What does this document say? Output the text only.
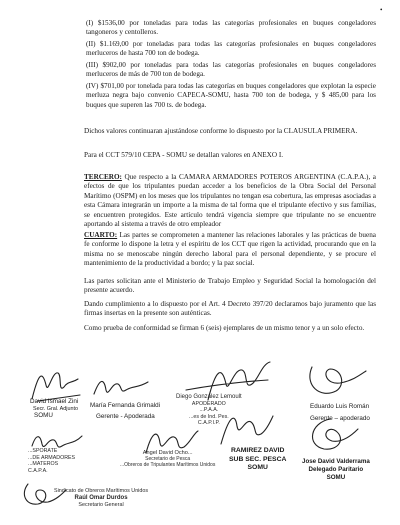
•

(I) $1536,00 por toneladas para todas las categorías profesionales en buques congeladores tangoneros y centolleros.

(II) $1.169,00 por toneladas para todas las categorías profesionales en buques congeladores merluceros de hasta 700 ton de bodega.

(III) $902,00 por toneladas para todas las categorías profesionales en buques congeladores merluceros de más de 700 ton de bodega.

(IV) $701,00 por tonelada para todas las categorías en buques congeladores que explotan la especie merluza negra bajo convenio CAPECA-SOMU, hasta 700 ton de bodega, y $ 485,00 para los buques que superen las 700 ts. de bodega.

Dichos valores continuaran ajustándose conforme lo dispuesto por la CLAUSULA PRIMERA.

Para el CCT 579/10 CEPA - SOMU se detallan valores en ANEXO I.

TERCERO: Que respecto a la CAMARA ARMADORES POTEROS ARGENTINA (C.A.P.A.), a efectos de que los tripulantes puedan acceder a los beneficios de la Obra Social del Personal Marítimo (OSPM) en los meses que los tripulantes no tengan esa cobertura, las empresas asociadas a esta Cámara integrarán un importe a la misma de tal forma que el tripulante efectivo y sus familias, se encuentren protegidos. Este artículo tendrá vigencia siempre que tripulante no se encuentre aportando al sistema a través de otro empleador

CUARTO: Las partes se comprometen a mantener las relaciones laborales y las prácticas de buena fe conforme lo dispone la letra y el espíritu de los CCT que rigen la actividad, procurando que en la misma no se menoscabe ningún derecho laboral para el personal dependiente, y se procure el mantenimiento de la productividad a bordo; y la paz social.

Las partes solicitan ante el Ministerio de Trabajo Empleo y Seguridad Social la homologación del presente acuerdo.

Dando cumplimiento a lo dispuesto por el Art. 4 Decreto 397/20 declaramos bajo juramento que las firmas insertas en la presente son auténticas.

Como prueba de conformidad se firman 6 (seis) ejemplares de un mismo tenor y a un solo efecto.

David Ismael Zini
Secr. Gral. Adjunto
SOMU
María Fernanda Grimaldi
Gerente - Apoderada
Diego Gonzalez Lemoult
APODERADO
...P.A.A.
...es de Ind. Pes.
C.A.P.I.P.
Eduardo Luis Román
Gerente – apoderado
...SPORATE
...DE ARMADORES
...MATEROS
C.A.P.A.
Angel David Ocho...
Secretario de Pesca
...Obreros de Tripulantes Marítimos Unidos
RAMIREZ DAVID
SUB SEC. PESCA
SOMU
Jose David Valderrama
Delegado Paritario
SOMU
Sindicato de Obreros Marítimos Unidos
Raúl Omar Durdos
Secretario General
